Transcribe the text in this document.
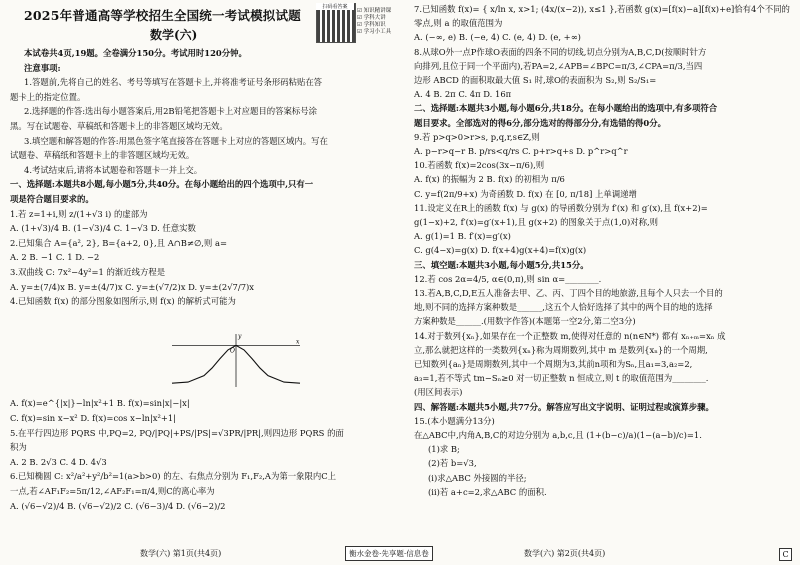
2025年普通高等学校招生全国统一考试模拟试题
数学(六)
扫码看答案
☑ 知识精讲课
☑ 学科大讲
☑ 学科知识
☑ 学习小工具
本试卷共4页,19题。全卷满分150分。考试用时120分钟。
注意事项:
1.答题前,先将自己的姓名、考号等填写在答题卡上,并将准考证号条形码粘贴在答
题卡上的指定位置。
2.选择题的作答:选出每小题答案后,用2B铅笔把答题卡上对应题目的答案标号涂
黑。写在试题卷、草稿纸和答题卡上的非答题区域均无效。
3.填空题和解答题的作答:用黑色签字笔直接答在答题卡上对应的答题区域内。写在
试题卷、草稿纸和答题卡上的非答题区域均无效。
4.考试结束后,请将本试题卷和答题卡一并上交。
一、选择题:本题共8小题,每小题5分,共40分。在每小题给出的四个选项中,只有一
项是符合题目要求的。
1.若 z=1+i,则 z/(1+√3 i) 的虚部为
A. (1+√3)/4 B. (1−√3)/4 C. 1−√3 D. 任意实数
2.已知集合 A={a², 2}, B={a+2, 0},且 A∩B≠∅,则 a=
A. 2 B. −1 C. 1 D. −2
3.双曲线 C: 7x²−4y²=1 的渐近线方程是
A. y=±(7/4)x B. y=±(4/7)x C. y=±(√7/2)x D. y=±(2√7/7)x
4.已知函数 f(x) 的部分图象如图所示,则 f(x) 的解析式可能为
A. f(x)=e^{|x|}−ln|x²+1 B. f(x)=sin|x|−|x|
C. f(x)=sin x−x² D. f(x)=cos x−ln|x²+1|
5.在平行四边形 PQRS 中,PQ=2, PQ/|PQ|+PS/|PS|=√3PR/|PR|,则四边形 PQRS 的面
积为
A. 2 B. 2√3 C. 4 D. 4√3
6.已知椭圆 C: x²/a²+y²/b²=1(a>b>0) 的左、右焦点分别为 F₁,F₂,A为第一象限内C上
一点,若∠AF₁F₂=5π/12,∠AF₂F₁=π/4,则C的离心率为
A. (√6−√2)/4 B. (√6−√2)/2 C. (√6−3)/4 D. (√6−2)/2
x
y
O
数学(六) 第1页(共4页)
7.已知函数 f(x)= { x/ln x, x>1; (4x/(x−2)), x≤1 },若函数 g(x)=[f(x)−a][f(x)+e]恰有4个不同的
零点,则 a 的取值范围为
A. (−∞, e) B. (−e, 4) C. (e, 4) D. (e, +∞)
8.从球O外一点P作球O表面的四条不同的切线,切点分别为A,B,C,D(按顺时针方
向排列,且位于同一个平面内),若PA=2,∠APB=∠BPC=π/3,∠CPA=π/3,当四
边形 ABCD 的面积取最大值 S₁ 时,球O的表面积为 S₂,则 S₂/S₁=
A. 4 B. 2π C. 4π D. 16π
二、选择题:本题共3小题,每小题6分,共18分。在每小题给出的选项中,有多项符合
题目要求。全部选对的得6分,部分选对的得部分分,有选错的得0分。
9.若 p>q>0>r>s, p,q,r,s∈Z,则
A. p−r>q−r B. p/rs<q/rs C. p+r>q+s D. p^r>q^r
10.若函数 f(x)=2cos(3x−π/6),则
A. f(x) 的振幅为 2 B. f(x) 的初相为 π/6
C. y=f(2π/9+x) 为奇函数 D. f(x) 在 [0, π/18] 上单调递增
11.设定义在R上的函数 f(x) 与 g(x) 的导函数分别为 f′(x) 和 g′(x),且 f(x+2)=
g(1−x)+2, f′(x)=g′(x+1),且 g(x+2) 的图象关于点(1,0)对称,则
A. g(1)=1 B. f′(x)=g′(x)
C. g(4−x)=g(x) D. f(x+4)g(x+4)=f(x)g(x)
三、填空题:本题共3小题,每小题5分,共15分。
12.若 cos 2α=4/5, α∈(0,π),则 sin α=________.
13.若A,B,C,D,E五人准备去甲、乙、丙、丁四个目的地旅游,且每个人只去一个目的
地,则不同的选择方案种数是______,这五个人恰好选择了其中的两个目的地的选择
方案种数是______.(用数字作答)(本题第一空2分,第二空3分)
14.对于数列{xₙ},如果存在一个正整数 m,使得对任意的 n(n∈N*) 都有 xₙ₊ₘ=xₙ 成
立,那么就把这样的一类数列{xₙ}称为周期数列,其中 m 是数列{xₙ}的一个周期,
已知数列{aₙ}是周期数列,其中一个周期为3,其前n项和为Sₙ,且a₁=3,a₂=2,
a₃=1,若不等式 tm−Sₙ≥0 对一切正整数 n 恒成立,则 t 的取值范围为________.
(用区间表示)
四、解答题:本题共5小题,共77分。解答应写出文字说明、证明过程或演算步骤。
15.(本小题满分13分)
在△ABC中,内角A,B,C的对边分别为 a,b,c,且 (1+(b−c)/a)(1−(a−b)/c)=1.
(1)求 B;
(2)若 b=√3,
(ⅰ)求△ABC 外接圆的半径;
(ⅱ)若 a+c=2,求△ABC 的面积.
数学(六) 第2页(共4页)
衡水金卷·先享题·信息卷	C
